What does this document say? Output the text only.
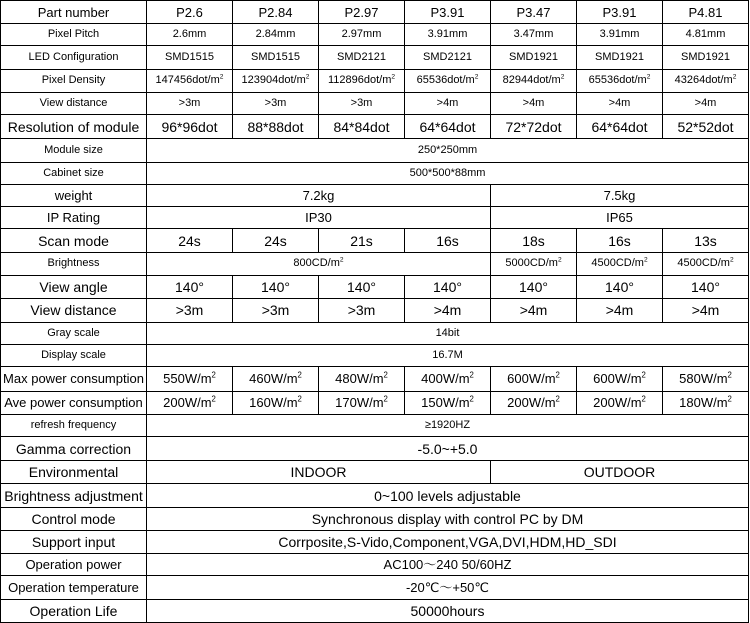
Part number	P2.6	P2.84	P2.97	P3.91	P3.47	P3.91	P4.81
Pixel Pitch	2.6mm	2.84mm	2.97mm	3.91mm	3.47mm	3.91mm	4.81mm
LED Configuration	SMD1515	SMD1515	SMD2121	SMD2121	SMD1921	SMD1921	SMD1921
Pixel Density	$147456dot/m^2$	$123904dot/m^2$	$112896dot/m^2$	$65536dot/m^2$	$82944dot/m^2$	$65536dot/m^2$	$43264dot/m^2$
View distance	>3m	>3m	>3m	>4m	>4m	>4m	>4m
Resolution of module	96*96dot	88*88dot	84*84dot	64*64dot	72*72dot	64*64dot	52*52dot
Module size	250*250mm						
Cabinet size	500*500*88mm						
weight	7.2kg				7.5kg		
IP Rating	IP30				IP65		
Scan mode	24s	24s	21s	16s	18s	16s	13s
Brightness	$800CD/m^2$				$5000CD/m^2$	$4500CD/m^2$	$4500CD/m^2$
View angle	140°	140°	140°	140°	140°	140°	140°
View distance	>3m	>3m	>3m	>4m	>4m	>4m	>4m
Gray scale	14bit						
Display scale	16.7M						
Max power consumption	$550W/m^2$	$460W/m^2$	$480W/m^2$	$400W/m^2$	$600W/m^2$	$600W/m^2$	$580W/m^2$
Ave power consumption	$200W/m^2$	$160W/m^2$	$170W/m^2$	$150W/m^2$	$200W/m^2$	$200W/m^2$	$180W/m^2$
refresh frequency	≥1920HZ						
Gamma correction	-5.0~+5.0						
Environmental	INDOOR				OUTDOOR		
Brightness adjustment	0~100 levels adjustable						
Control mode	Synchronous display with control PC by DM						
Support input	Corrposite,S-Vido,Component,VGA,DVI,HDM,HD_SDI						
Operation power	AC100～240 50/60HZ						
Operation temperature	-20℃～+50℃						
Operation Life	50000hours						
